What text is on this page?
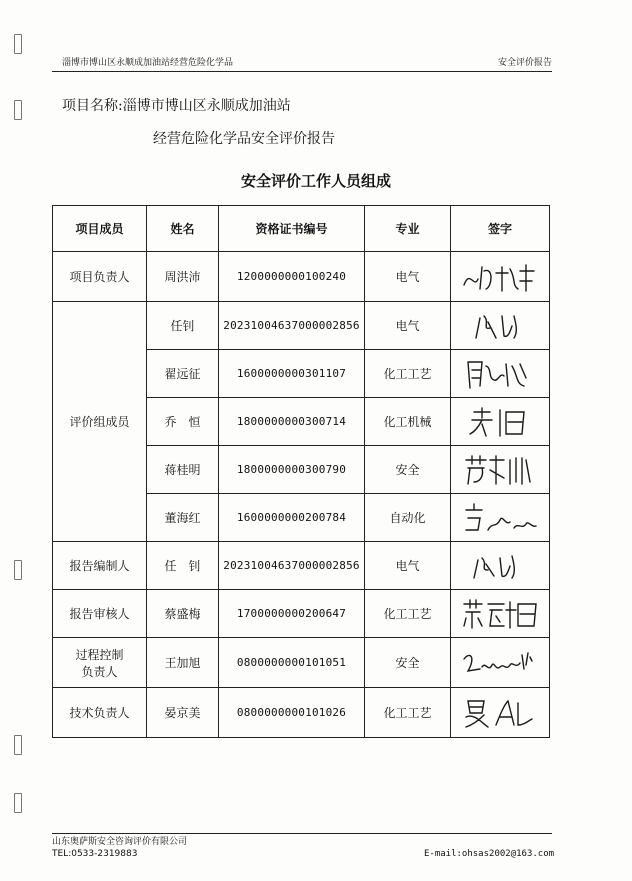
淄博市博山区永顺成加油站经营危险化学品	安全评价报告
项目名称:淄博市博山区永顺成加油站
经营危险化学品安全评价报告
安全评价工作人员组成
项目成员	姓名	资格证书编号	专业	签字
项目负责人	周洪沛	1200000000100240	电气	

评价组成员	任钊	20231004637000002856	电气	

	翟远征	1600000000301107	化工工艺	

	乔　恒	1800000000300714	化工机械	

	蒋桂明	1800000000300790	安全	

	董海红	1600000000200784	自动化	

报告编制人	任　钊	20231004637000002856	电气	

报告审核人	蔡盛梅	1700000000200647	化工工艺	

过程控制
负责人	王加旭	0800000000101051	安全	

技术负责人	晏京美	0800000000101026	化工工艺	
山东奥萨斯安全咨询评价有限公司
TEL:0533-2319883	E-mail:ohsas2002@163.com
